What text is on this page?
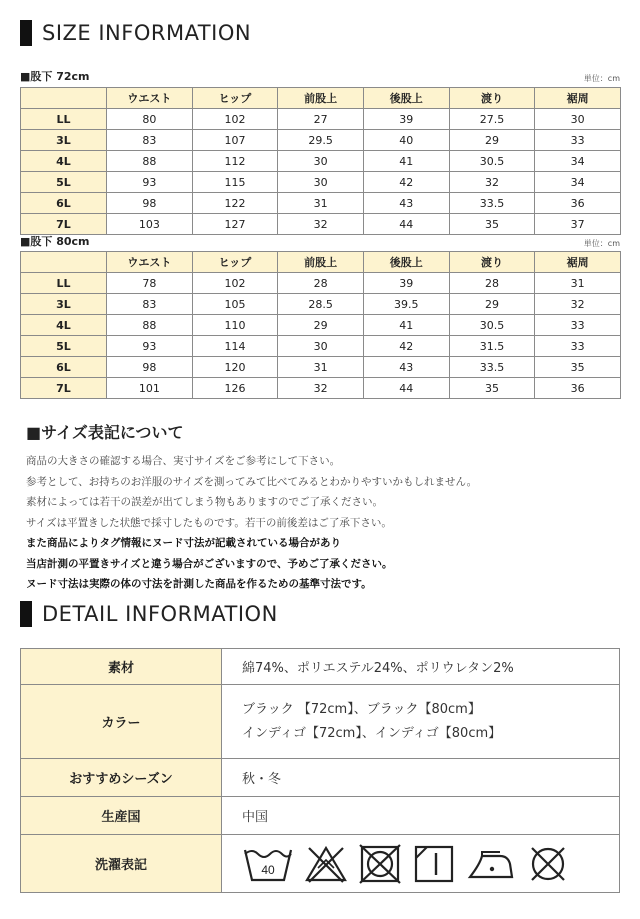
SIZE INFORMATION
■股下 72cm	単位：cm
	ウエスト	ヒップ	前股上	後股上	渡り	裾周
LL	80	102	27	39	27.5	30
3L	83	107	29.5	40	29	33
4L	88	112	30	41	30.5	34
5L	93	115	30	42	32	34
6L	98	122	31	43	33.5	36
7L	103	127	32	44	35	37
■股下 80cm	単位：cm
	ウエスト	ヒップ	前股上	後股上	渡り	裾周
LL	78	102	28	39	28	31
3L	83	105	28.5	39.5	29	32
4L	88	110	29	41	30.5	33
5L	93	114	30	42	31.5	33
6L	98	120	31	43	33.5	35
7L	101	126	32	44	35	36
■サイズ表記について
商品の大きさの確認する場合、実寸サイズをご参考にして下さい。
参考として、お持ちのお洋服のサイズを測ってみて比べてみるとわかりやすいかもしれません。
素材によっては若干の誤差が出てしまう物もありますのでご了承ください。
サイズは平置きした状態で採寸したものです。若干の前後差はご了承下さい。
また商品によりタグ情報にヌード寸法が記載されている場合があり
当店計測の平置きサイズと違う場合がございますので、予めご了承ください。
ヌード寸法は実際の体の寸法を計測した商品を作るための基準寸法です。
DETAIL INFORMATION
素材	綿74%、ポリエステル24%、ポリウレタン2%
カラー	ブラック 【72cm】、ブラック【80cm】
インディゴ【72cm】、インディゴ【80cm】

おすすめシーズン	秋・冬
生産国	中国
洗濯表記	40
